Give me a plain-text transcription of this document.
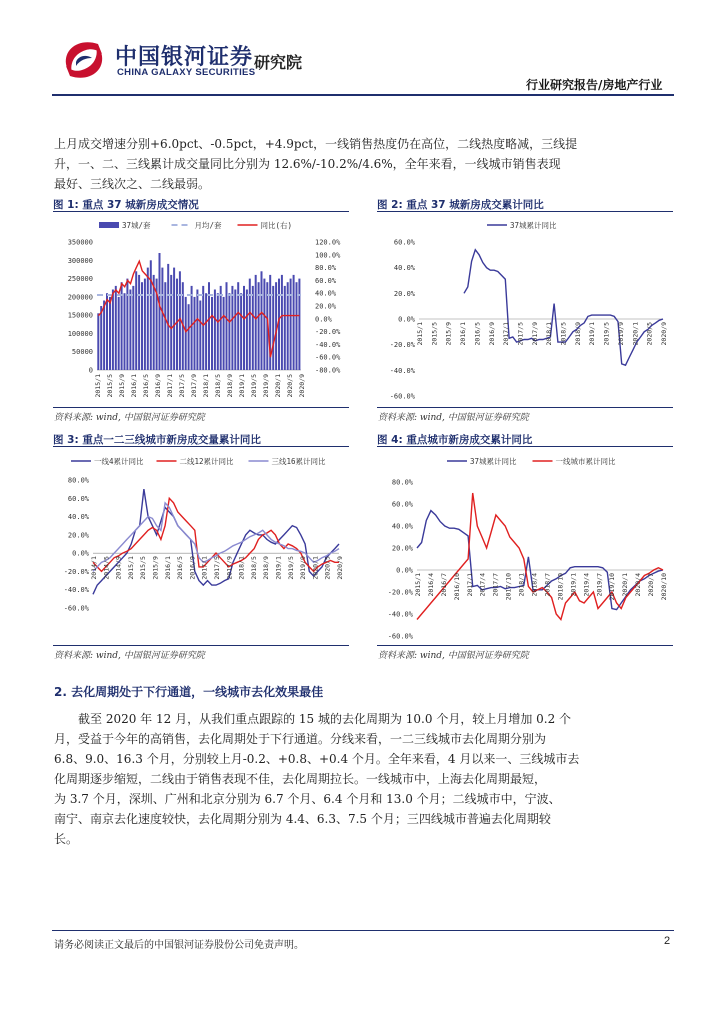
中国银河证券
CHINA GALAXY SECURITIES
研究院
行业研究报告/房地产行业
上月成交增速分别+6.0pct、-0.5pct，+4.9pct，一线销售热度仍在高位，二线热度略减，三线提
升，一、二、三线累计成交量同比分别为 12.6%/-10.2%/4.6%，全年来看，一线城市销售表现
最好、三线次之、二线最弱。
图 1: 重点 37 城新房成交情况	图 2: 重点 37 城新房成交累计同比
37城/套	月均/套	同比(右)
350000
300000
250000
200000
150000
100000
50000
0
120.0%
100.0%
80.0%
60.0%
40.0%
20.0%
0.0%
-20.0%
-40.0%
-60.0%
-80.0%
2015/1 2015/5 2015/9 2016/1 2016/5 2016/9 2017/1 2017/5 2017/9 2018/1 2018/5 2018/9 2019/1 2019/5 2019/9 2020/1 2020/5 2020/9
37城累计同比
60.0%
40.0%
20.0%
0.0%
-20.0%
-40.0%
-60.0%
2015/1 2015/5 2015/9 2016/1 2016/5 2016/9 2017/1 2017/5 2017/9 2018/1 2018/5 2018/9 2019/1 2019/5 2019/9 2020/1 2020/5 2020/9
资料来源: wind, 中国银河证券研究院	资料来源: wind, 中国银河证券研究院
图 3: 重点一二三线城市新房成交量累计同比	图 4: 重点城市新房成交累计同比
一线4累计同比	二线12累计同比	三线16累计同比
80.0%
60.0%
40.0%
20.0%
0.0%
-20.0%
-40.0%
-60.0%
2014/1 2014/5 2014/9 2015/1 2015/5 2015/9 2016/1 2016/5 2016/9 2017/1 2017/5 2017/9 2018/1 2018/5 2018/9 2019/1 2019/5 2019/9 2020/1 2020/5 2020/9
37城累计同比	一线城市累计同比
80.0%
60.0%
40.0%
20.0%
0.0%
-20.0%
-40.0%
-60.0%
2015/1 2016/4 2016/7 2016/10 2017/1 2017/4 2017/7 2017/10 2018/1 2018/4 2018/7 2018/10 2019/1 2019/4 2019/7 2019/10 2020/1 2020/4 2020/7 2020/10
资料来源: wind, 中国银河证券研究院	资料来源: wind, 中国银河证券研究院
2. 去化周期处于下行通道，一线城市去化效果最佳
截至 2020 年 12 月，从我们重点跟踪的 15 城的去化周期为 10.0 个月，较上月增加 0.2 个
月，受益于今年的高销售，去化周期处于下行通道。分线来看，一二三线城市去化周期分别为
6.8、9.0、16.3 个月，分别较上月-0.2、+0.8、+0.4 个月。全年来看，4 月以来一、三线城市去
化周期逐步缩短，二线由于销售表现不佳，去化周期拉长。一线城市中，上海去化周期最短，
为 3.7 个月，深圳、广州和北京分别为 6.7 个月、6.4 个月和 13.0 个月；二线城市中，宁波、
南宁、南京去化速度较快，去化周期分别为 4.4、6.3、7.5 个月；三四线城市普遍去化周期较
长。
请务必阅读正文最后的中国银河证券股份公司免责声明。	2
